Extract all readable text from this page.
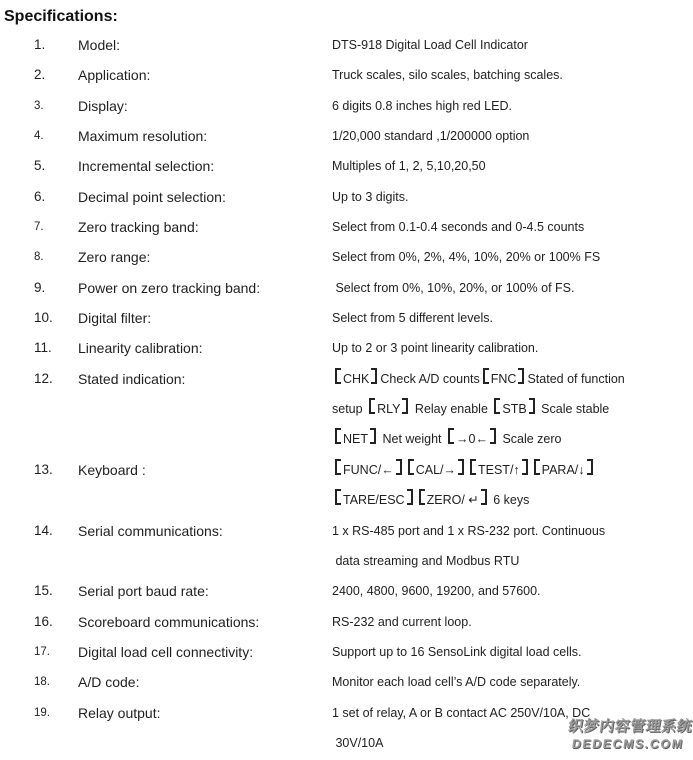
Specifications:
1.	Model:	DTS-918 Digital Load Cell Indicator
2.	Application:	Truck scales, silo scales, batching scales.
3.	Display:	6 digits 0.8 inches high red LED.
4.	Maximum resolution:	1/20,000 standard ,1/200000 option
5.	Incremental selection:	Multiples of 1, 2, 5,10,20,50
6.	Decimal point selection:	Up to 3 digits.
7.	Zero tracking band:	Select from 0.1-0.4 seconds and 0-4.5 counts
8.	Zero range:	Select from 0%, 2%, 4%, 10%, 20% or 100% FS
9.	Power on zero tracking band:	Select from 0%, 10%, 20%, or 100% of FS.
10.	Digital filter:	Select from 5 different levels.
11.	Linearity calibration:	Up to 2 or 3 point linearity calibration.
12.	Stated indication:	CHK Check A/D counts FNC Stated of function
setup RLY Relay enable STB Scale stable
NET Net weight →0← Scale zero
13.	Keyboard :	FUNC/← CAL/→ TEST/↑ PARA/↓
TARE/ESC ZERO/ ↵ 6 keys
14.	Serial communications:	1 x RS-485 port and 1 x RS-232 port. Continuous
data streaming and Modbus RTU
15.	Serial port baud rate:	2400, 4800, 9600, 19200, and 57600.
16.	Scoreboard communications:	RS-232 and current loop.
17.	Digital load cell connectivity:	Support up to 16 SensoLink digital load cells.
18.	A/D code:	Monitor each load cell’s A/D code separately.
19.	Relay output:	1 set of relay, A or B contact AC 250V/10A, DC
30V/10A
织梦内容管理系统
DEDECMS.COM
